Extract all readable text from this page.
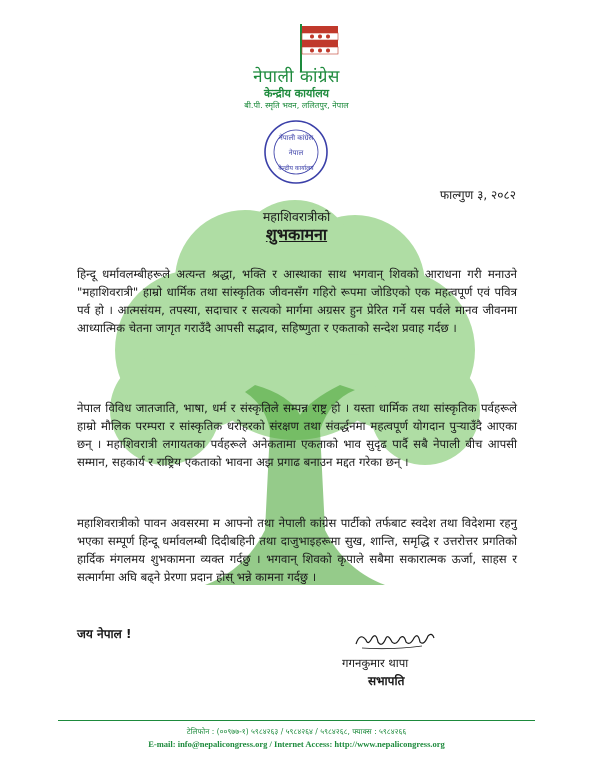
नेपाली कांग्रेस
केन्द्रीय कार्यालय
बी.पी. स्मृति भवन, ललितपुर, नेपाल
नेपाली कांग्रेस
नेपाल
केन्द्रीय कार्यालय
फाल्गुण ३, २०८२
महाशिवरात्रीको
शुभकामना

हिन्दू धर्मावलम्बीहरूले अत्यन्त श्रद्धा, भक्ति र आस्थाका साथ भगवान् शिवको आराधना गरी मनाउने "महाशिवरात्री" हाम्रो धार्मिक तथा सांस्कृतिक जीवनसँग गहिरो रूपमा जोडिएको एक महत्वपूर्ण एवं पवित्र पर्व हो । आत्मसंयम, तपस्या, सदाचार र सत्यको मार्गमा अग्रसर हुन प्रेरित गर्ने यस पर्वले मानव जीवनमा आध्यात्मिक चेतना जागृत गराउँदै आपसी सद्भाव, सहिष्णुता र एकताको सन्देश प्रवाह गर्दछ ।

नेपाल विविध जातजाति, भाषा, धर्म र संस्कृतिले सम्पन्न राष्ट्र हो । यस्ता धार्मिक तथा सांस्कृतिक पर्वहरूले हाम्रो मौलिक परम्परा र सांस्कृतिक धरोहरको संरक्षण तथा संवर्द्धनमा महत्वपूर्ण योगदान पुऱ्याउँदै आएका छन् । महाशिवरात्री लगायतका पर्वहरूले अनेकतामा एकताको भाव सुदृढ पार्दै सबै नेपाली बीच आपसी सम्मान, सहकार्य र राष्ट्रिय एकताको भावना अझ प्रगाढ बनाउन मद्दत गरेका छन् ।

महाशिवरात्रीको पावन अवसरमा म आफ्नो तथा नेपाली कांग्रेस पार्टीको तर्फबाट स्वदेश तथा विदेशमा रहनु भएका सम्पूर्ण हिन्दू धर्मावलम्बी दिदीबहिनी तथा दाजुभाइहरूमा सुख, शान्ति, समृद्धि र उत्तरोत्तर प्रगतिको हार्दिक मंगलमय शुभकामना व्यक्त गर्दछु । भगवान् शिवको कृपाले सबैमा सकारात्मक ऊर्जा, साहस र सत्मार्गमा अघि बढ्ने प्रेरणा प्रदान होस् भन्ने कामना गर्दछु ।

जय नेपाल !
गगनकुमार थापा
सभापति
टेलिफोन : (००९७७-१) ५९८४२६३ / ५९८४२६४ / ५९८४२६८, फ्याक्स : ५९८४२६६
E-mail: info@nepalicongress.org / Internet Access: http://www.nepalicongress.org
